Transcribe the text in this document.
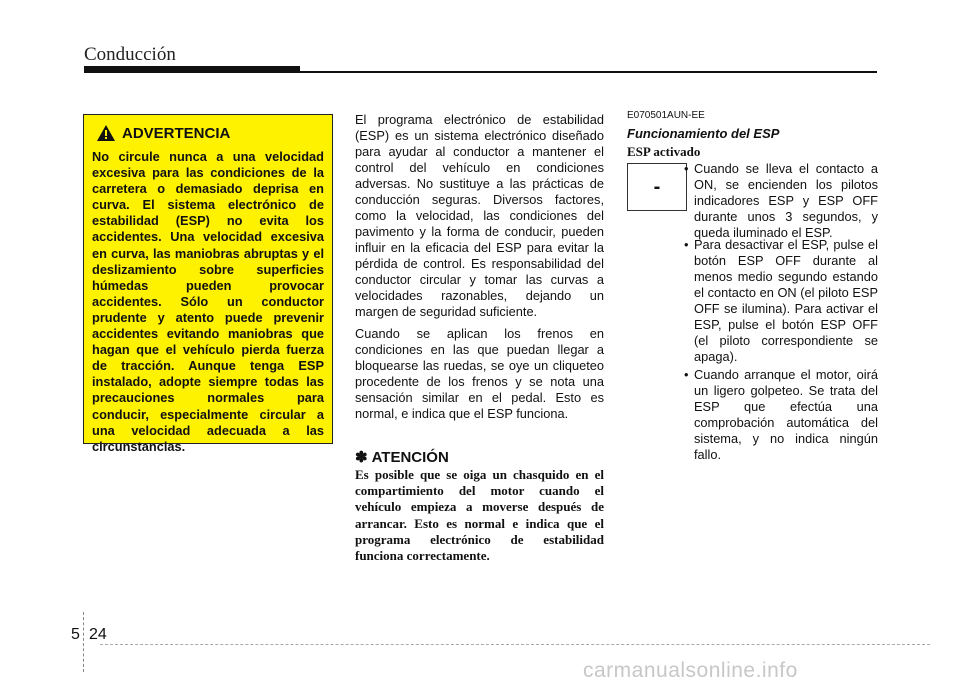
Conducción
ADVERTENCIA

No circule nunca a una velocidad excesiva para las condiciones de la carretera o demasiado deprisa en curva. El sistema electrónico de estabilidad (ESP) no evita los accidentes. Una velocidad excesiva en curva, las maniobras abruptas y el deslizamiento sobre superficies húmedas pueden provocar accidentes. Sólo un conductor prudente y atento puede prevenir accidentes evitando maniobras que hagan que el vehículo pierda fuerza de tracción. Aunque tenga ESP instalado, adopte siempre todas las precauciones normales para conducir, especialmente circular a una velocidad adecuada a las circunstancias.

El programa electrónico de estabilidad (ESP) es un sistema electrónico diseñado para ayudar al conductor a mantener el control del vehículo en condiciones adversas. No sustituye a las prácticas de conducción seguras. Diversos factores, como la velocidad, las condiciones del pavimento y la forma de conducir, pueden influir en la eficacia del ESP para evitar la pérdida de control. Es responsabilidad del conductor circular y tomar las curvas a velocidades razonables, dejando un margen de seguridad suficiente.

Cuando se aplican los frenos en condiciones en las que puedan llegar a bloquearse las ruedas, se oye un cliqueteo procedente de los frenos y se nota una sensación similar en el pedal. Esto es normal, e indica que el ESP funciona.

✽ ATENCIÓN

Es posible que se oiga un chasquido en el compartimiento del motor cuando el vehículo empieza a moverse después de arrancar. Esto es normal e indica que el programa electrónico de estabilidad funciona correctamente.

E070501AUN-EE
Funcionamiento del ESP
ESP activado
-
• Cuando se lleva el contacto a ON, se encienden los pilotos indicadores ESP y ESP OFF durante unos 3 segundos, y queda iluminado el ESP.
• Para desactivar el ESP, pulse el botón ESP OFF durante al menos medio segundo estando el contacto en ON (el piloto ESP OFF se ilumina). Para activar el ESP, pulse el botón ESP OFF (el piloto correspondiente se apaga).
• Cuando arranque el motor, oirá un ligero golpeteo. Se trata del ESP que efectúa una comprobación automática del sistema, y no indica ningún fallo.
5 24
carmanualsonline.info
